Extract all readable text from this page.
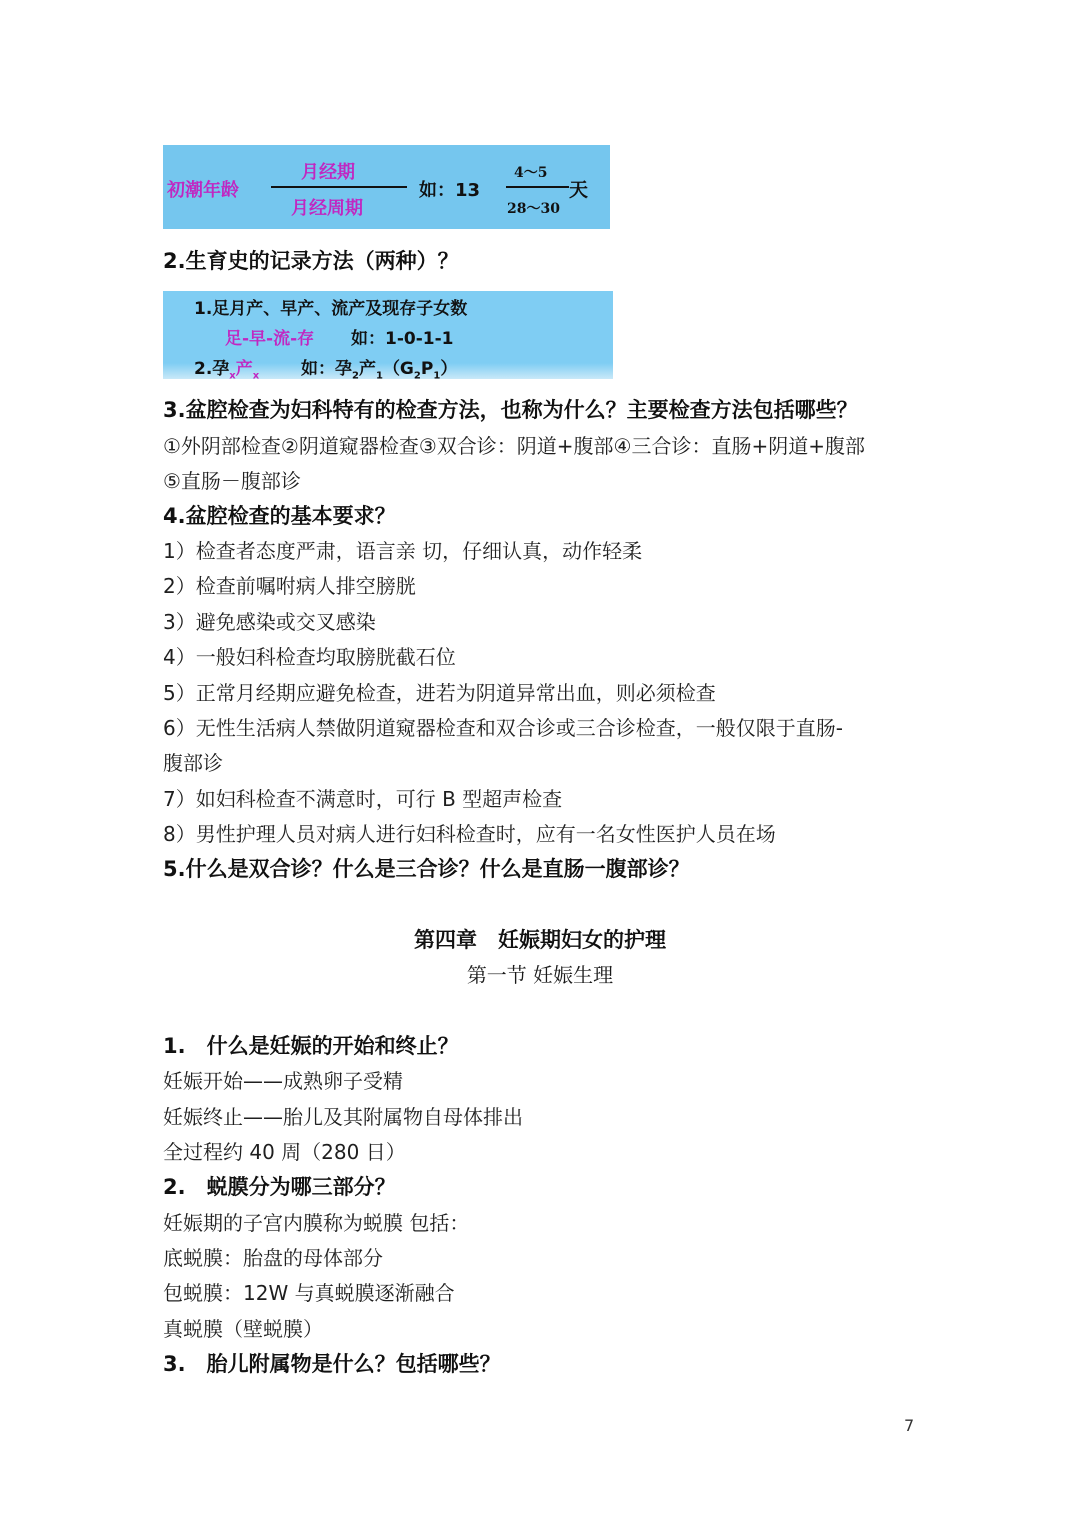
初潮年龄
月经期
月经周期
如：13
4～5
28～30
天
2.生育史的记录方法（两种）？
1.足月产、早产、流产及现存子女数
足-早-流-存 如：1-0-1-1
2.孕$_x$产$_x$ 如：孕$_2$产$_1(G_2P_1)$
3.盆腔检查为妇科特有的检查方法，也称为什么？主要检查方法包括哪些？
①外阴部检查②阴道窥器检查③双合诊：阴道+腹部④三合诊：直肠+阴道+腹部
⑤直肠－腹部诊
4.盆腔检查的基本要求？
1）检查者态度严肃，语言亲 切，仔细认真，动作轻柔
2）检查前嘱咐病人排空膀胱
3）避免感染或交叉感染
4）一般妇科检查均取膀胱截石位
5）正常月经期应避免检查，进若为阴道异常出血，则必须检查
6）无性生活病人禁做阴道窥器检查和双合诊或三合诊检查，一般仅限于直肠-
腹部诊
7）如妇科检查不满意时，可行 B 型超声检查
8）男性护理人员对病人进行妇科检查时，应有一名女性医护人员在场
5.什么是双合诊？什么是三合诊？什么是直肠一腹部诊？
第四章　妊娠期妇女的护理
第一节 妊娠生理
1.　什么是妊娠的开始和终止？
妊娠开始——成熟卵子受精
妊娠终止——胎儿及其附属物自母体排出
全过程约 40 周（280 日）
2.　蜕膜分为哪三部分？
妊娠期的子宫内膜称为蜕膜 包括：
底蜕膜：胎盘的母体部分
包蜕膜：12W 与真蜕膜逐渐融合
真蜕膜（壁蜕膜）
3.　胎儿附属物是什么？包括哪些？
7
